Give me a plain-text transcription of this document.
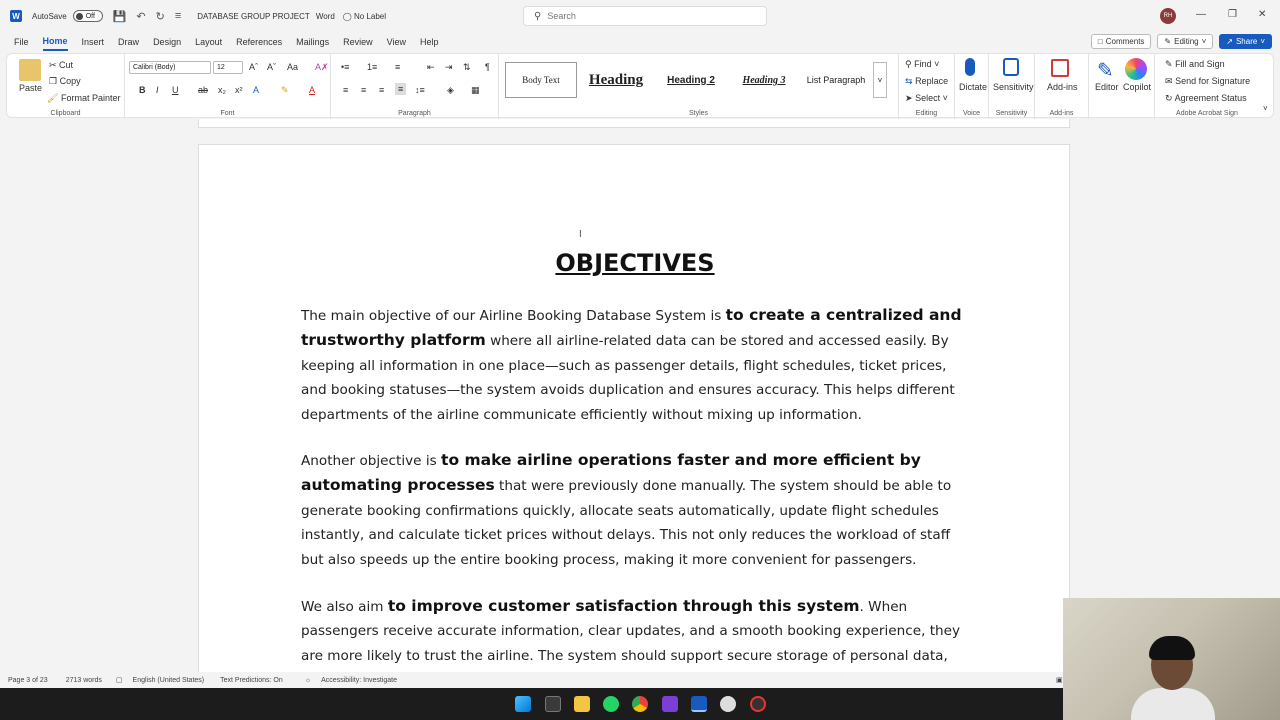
W AutoSave	Off 💾 ↶ ↻ ≡ DATABASE GROUP PROJECT Word ◯ No Label	⚲ Search	RH	— ❐ ✕
File Home Insert Draw Design Layout References Mailings Review View Help	□ Comments	✎ Editing ˅	↗ Share ˅
Paste
✂ Cut
❐ Copy
🖌 Format Painter
Clipboard
Calibri (Body)	12	Aˆ Aˇ Aa A✗
B I U ab x₂ x² A ✎ A
Font
•≡ 1≡ ≡	⇤ ⇥ ⇅ ¶
≡ ≡ ≡	≡	↕≡ ◈ ▦
Paragraph
Body Text	Heading	Heading 2	Heading 3	List Paragraph	˅
Styles
⚲ Find ˅
⇆ Replace
➤ Select ˅
Editing
Dictate
Voice
Sensitivity
Sensitivity
Add-ins
Add-ins
✎
Editor Copilot
✎ Fill and Sign
✉ Send for Signature
↻ Agreement Status
Adobe Acrobat Sign
˅
I
OBJECTIVES

The main objective of our Airline Booking Database System is to create a centralized and trustworthy platform where all airline-related data can be stored and accessed easily. By keeping all information in one place—such as passenger details, flight schedules, ticket prices, and booking statuses—the system avoids duplication and ensures accuracy. This helps different departments of the airline communicate efficiently without mixing up information.

Another objective is to make airline operations faster and more efficient by automating processes that were previously done manually. The system should be able to generate booking confirmations quickly, allocate seats automatically, update flight schedules instantly, and calculate ticket prices without delays. This not only reduces the workload of staff but also speeds up the entire booking process, making it more convenient for passengers.

We also aim to improve customer satisfaction through this system. When passengers receive accurate information, clear updates, and a smooth booking experience, they are more likely to trust the airline. The system should support secure storage of personal data,

Page 3 of 23	2713 words ▢ English (United States) Text Predictions: On	☼ Accessibility: Investigate	▣
